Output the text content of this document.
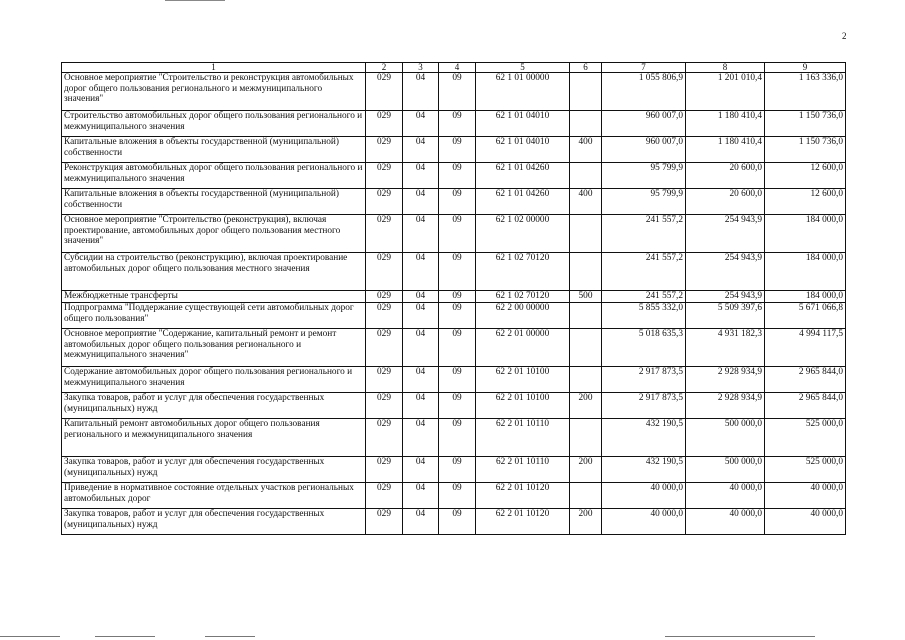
2
1	2	3	4	5	6	7	8	9
Основное мероприятие "Строительство и реконструкция автомобильных дорог общего пользования регионального и межмуниципального значения"	029	04	09	62 1 01 00000		1 055 806,9	1 201 010,4	1 163 336,0
Строительство автомобильных дорог общего пользования регионального и межмуниципального значения	029	04	09	62 1 01 04010		960 007,0	1 180 410,4	1 150 736,0
Капитальные вложения в объекты государственной (муниципальной) собственности	029	04	09	62 1 01 04010	400	960 007,0	1 180 410,4	1 150 736,0
Реконструкция автомобильных дорог общего пользования регионального и межмуниципального значения	029	04	09	62 1 01 04260		95 799,9	20 600,0	12 600,0
Капитальные вложения в объекты государственной (муниципальной) собственности	029	04	09	62 1 01 04260	400	95 799,9	20 600,0	12 600,0
Основное мероприятие "Строительство (реконструкция), включая проектирование, автомобильных дорог общего пользования местного значения"	029	04	09	62 1 02 00000		241 557,2	254 943,9	184 000,0
Субсидии на строительство (реконструкцию), включая проектирование автомобильных дорог общего пользования местного значения	029	04	09	62 1 02 70120		241 557,2	254 943,9	184 000,0
Межбюджетные трансферты	029	04	09	62 1 02 70120	500	241 557,2	254 943,9	184 000,0
Подпрограмма "Поддержание существующей сети автомобильных дорог общего пользования"	029	04	09	62 2 00 00000		5 855 332,0	5 509 397,6	5 671 066,8
Основное мероприятие "Содержание, капитальный ремонт и ремонт автомобильных дорог общего пользования регионального и межмуниципального значения"	029	04	09	62 2 01 00000		5 018 635,3	4 931 182,3	4 994 117,5
Содержание автомобильных дорог общего пользования регионального и межмуниципального значения	029	04	09	62 2 01 10100		2 917 873,5	2 928 934,9	2 965 844,0
Закупка товаров, работ и услуг для обеспечения государственных (муниципальных) нужд	029	04	09	62 2 01 10100	200	2 917 873,5	2 928 934,9	2 965 844,0
Капитальный ремонт автомобильных дорог общего пользования регионального и межмуниципального значения	029	04	09	62 2 01 10110		432 190,5	500 000,0	525 000,0
Закупка товаров, работ и услуг для обеспечения государственных (муниципальных) нужд	029	04	09	62 2 01 10110	200	432 190,5	500 000,0	525 000,0
Приведение в нормативное состояние отдельных участков региональных автомобильных дорог	029	04	09	62 2 01 10120		40 000,0	40 000,0	40 000,0
Закупка товаров, работ и услуг для обеспечения государственных (муниципальных) нужд	029	04	09	62 2 01 10120	200	40 000,0	40 000,0	40 000,0
